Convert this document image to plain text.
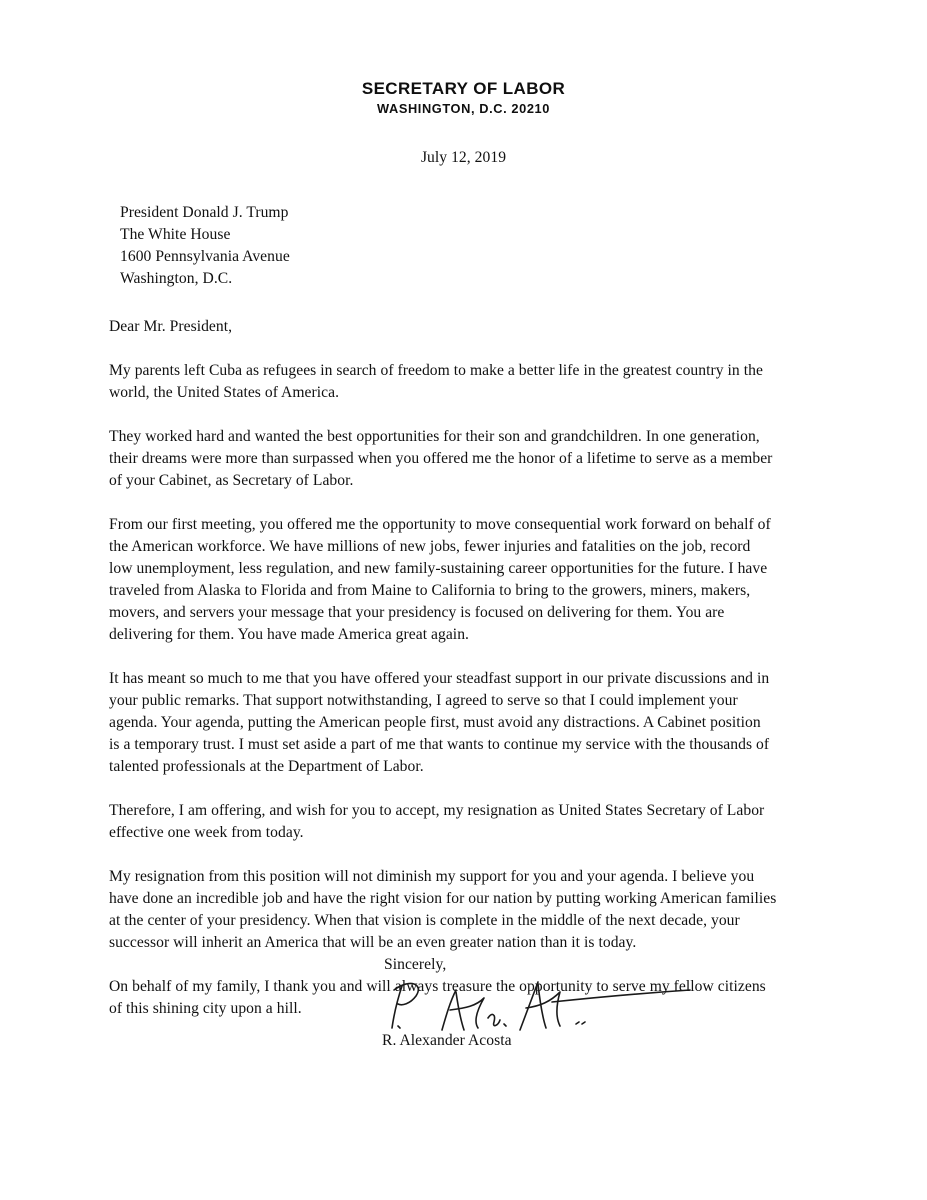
SECRETARY OF LABOR
WASHINGTON, D.C. 20210
July 12, 2019
President Donald J. Trump
The White House
1600 Pennsylvania Avenue
Washington, D.C.

Dear Mr. President,

My parents left Cuba as refugees in search of freedom to make a better life in the greatest country in the
world, the United States of America.

They worked hard and wanted the best opportunities for their son and grandchildren. In one generation,
their dreams were more than surpassed when you offered me the honor of a lifetime to serve as a member
of your Cabinet, as Secretary of Labor.

From our first meeting, you offered me the opportunity to move consequential work forward on behalf of
the American workforce. We have millions of new jobs, fewer injuries and fatalities on the job, record
low unemployment, less regulation, and new family-sustaining career opportunities for the future. I have
traveled from Alaska to Florida and from Maine to California to bring to the growers, miners, makers,
movers, and servers your message that your presidency is focused on delivering for them. You are
delivering for them. You have made America great again.

It has meant so much to me that you have offered your steadfast support in our private discussions and in
your public remarks. That support notwithstanding, I agreed to serve so that I could implement your
agenda. Your agenda, putting the American people first, must avoid any distractions. A Cabinet position
is a temporary trust. I must set aside a part of me that wants to continue my service with the thousands of
talented professionals at the Department of Labor.

Therefore, I am offering, and wish for you to accept, my resignation as United States Secretary of Labor
effective one week from today.

My resignation from this position will not diminish my support for you and your agenda. I believe you
have done an incredible job and have the right vision for our nation by putting working American families
at the center of your presidency. When that vision is complete in the middle of the next decade, your
successor will inherit an America that will be an even greater nation than it is today.

On behalf of my family, I thank you and will always treasure the opportunity to serve my fellow citizens
of this shining city upon a hill.

Sincerely,
R. Alexander Acosta
